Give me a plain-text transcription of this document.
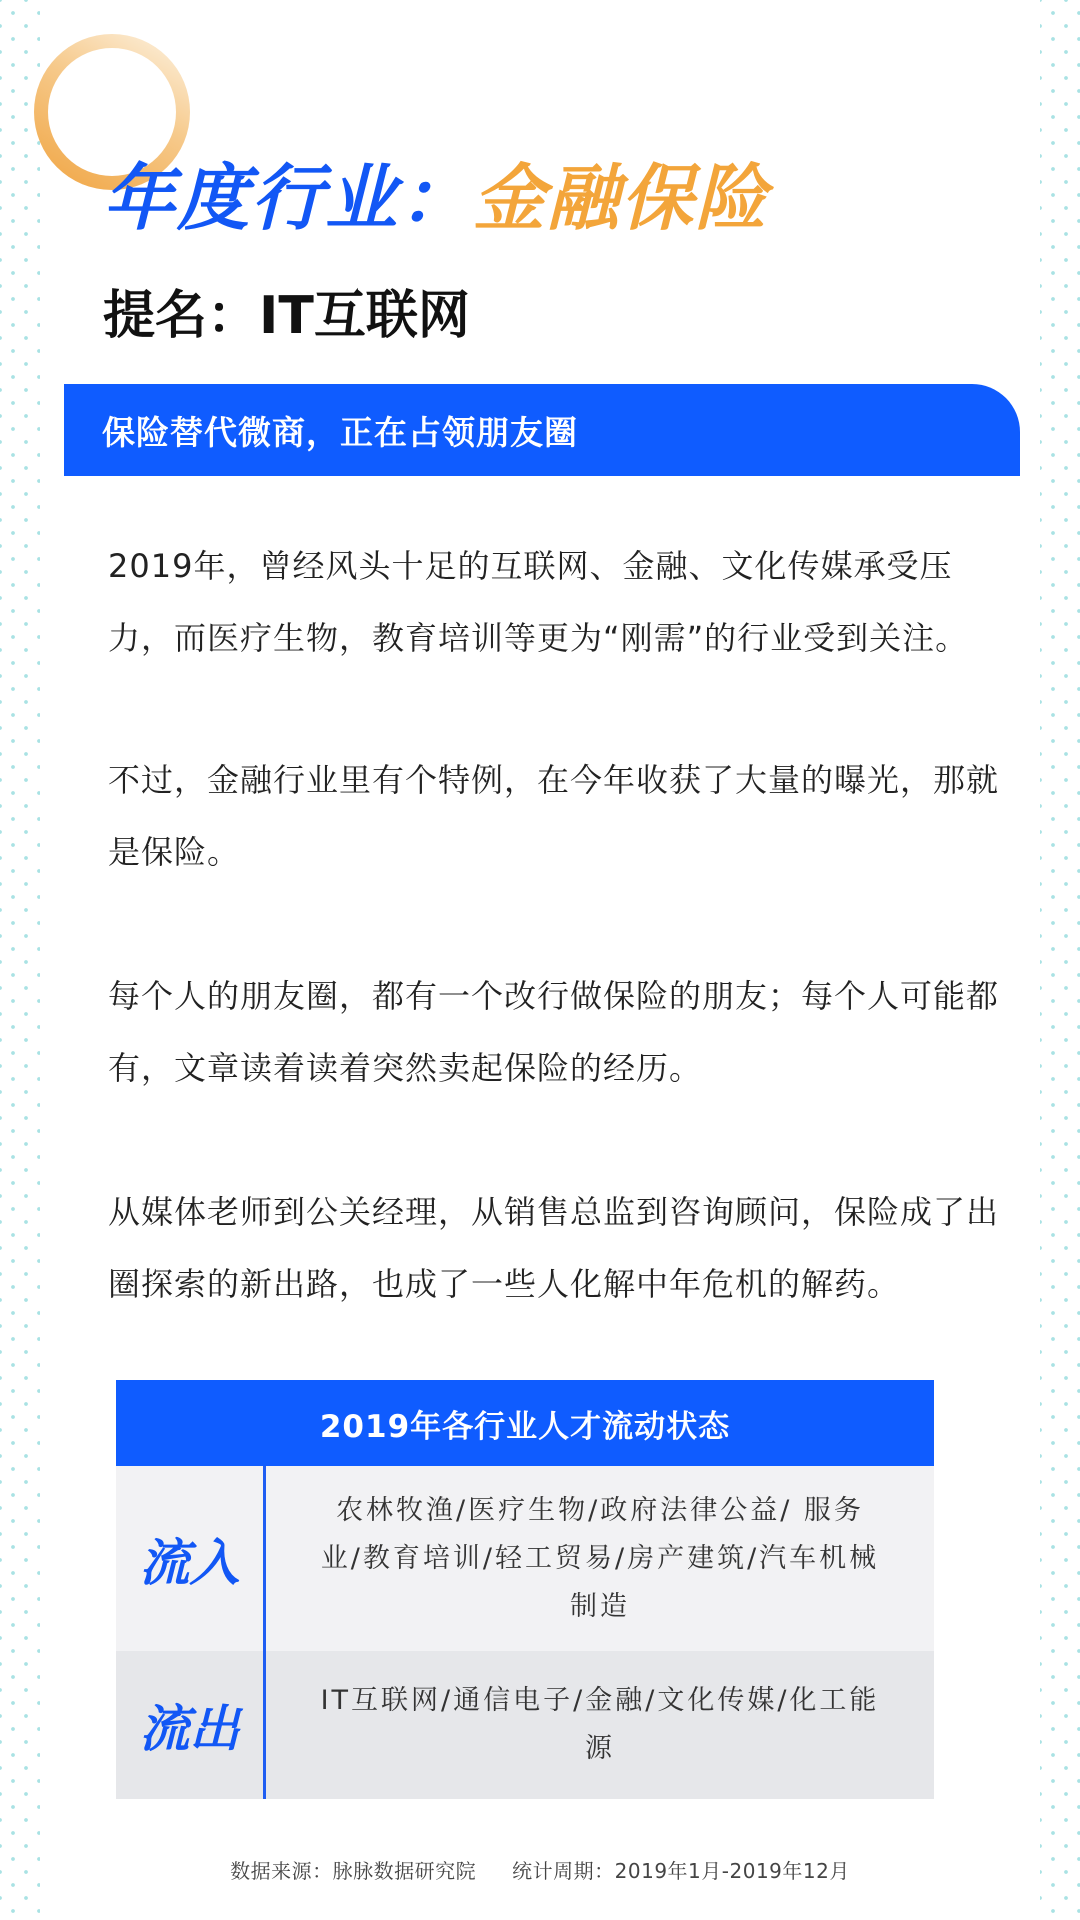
年度行业：金融保险
提名：IT互联网
保险替代微商，正在占领朋友圈

2019年，曾经风头十足的互联网、金融、文化传媒承受压力，而医疗生物，教育培训等更为“刚需”的行业受到关注。

不过，金融行业里有个特例，在今年收获了大量的曝光，那就是保险。

每个人的朋友圈，都有一个改行做保险的朋友；每个人可能都有，文章读着读着突然卖起保险的经历。

从媒体老师到公关经理，从销售总监到咨询顾问，保险成了出圈探索的新出路，也成了一些人化解中年危机的解药。

2019年各行业人才流动状态
流入
农林牧渔/医疗生物/政府法律公益/ 服务业/教育培训/轻工贸易/房产建筑/汽车机械制造
流出	IT互联网/通信电子/金融/文化传媒/化工能源
数据来源：脉脉数据研究院 统计周期：2019年1月-2019年12月
